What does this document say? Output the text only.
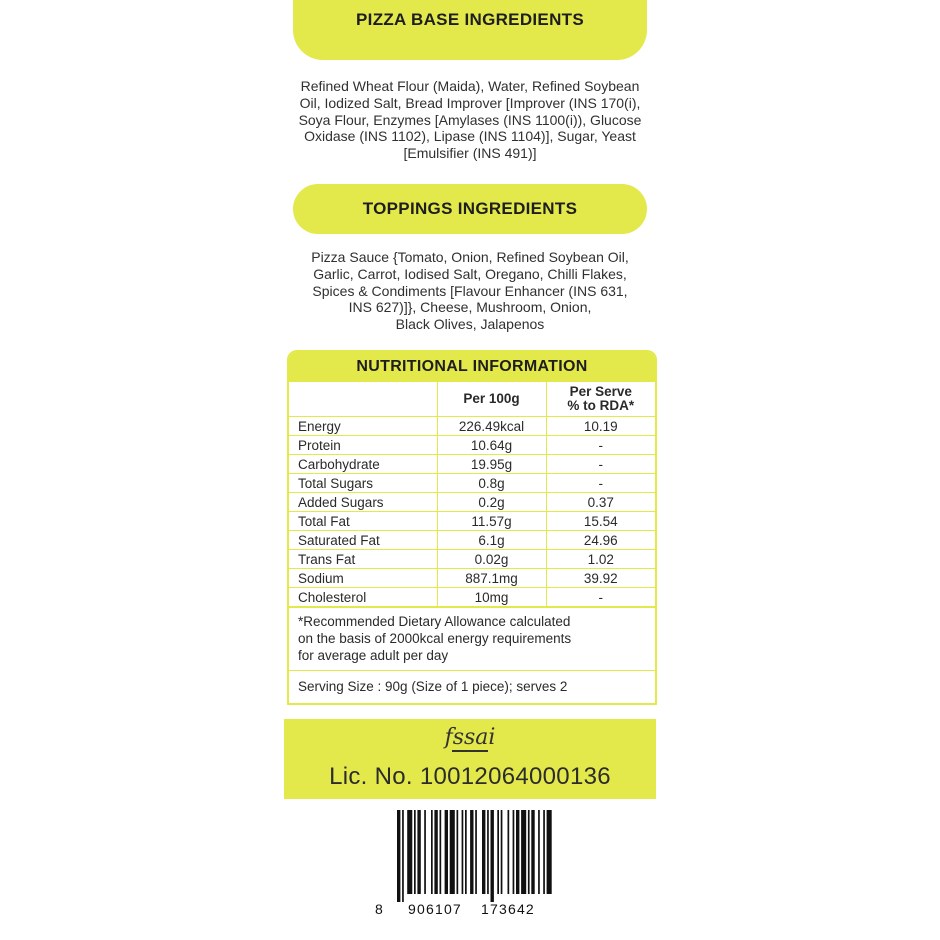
PIZZA BASE INGREDIENTS
Refined Wheat Flour (Maida), Water, Refined Soybean
Oil, Iodized Salt, Bread Improver [Improver (INS 170(i),
Soya Flour, Enzymes [Amylases (INS 1100(i)), Glucose
Oxidase (INS 1102), Lipase (INS 1104)], Sugar, Yeast
[Emulsifier (INS 491)]
TOPPINGS INGREDIENTS
Pizza Sauce {Tomato, Onion, Refined Soybean Oil,
Garlic, Carrot, Iodised Salt, Oregano, Chilli Flakes,
Spices & Condiments [Flavour Enhancer (INS 631,
INS 627)]}, Cheese, Mushroom, Onion,
Black Olives, Jalapenos
NUTRITIONAL INFORMATION
	Per 100g	Per Serve
% to RDA*

Energy	226.49kcal	10.19
Protein	10.64g	-
Carbohydrate	19.95g	-
Total Sugars	0.8g	-
Added Sugars	0.2g	0.37
Total Fat	11.57g	15.54
Saturated Fat	6.1g	24.96
Trans Fat	0.02g	1.02
Sodium	887.1mg	39.92
Cholesterol	10mg	-
*Recommended Dietary Allowance calculated
on the basis of 2000kcal energy requirements
for average adult per day
Serving Size : 90g (Size of 1 piece); serves 2
fssai
Lic. No. 10012064000136
8 906107 173642
